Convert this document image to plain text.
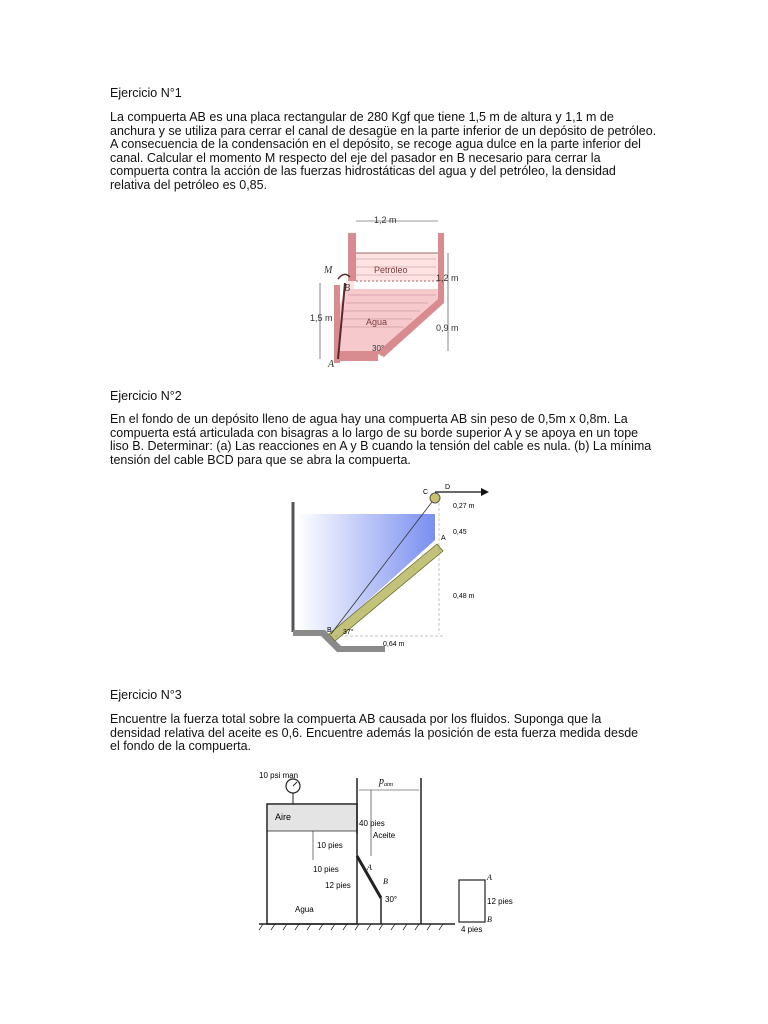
Ejercicio N°1
La compuerta AB es una placa rectangular de 280 Kgf que tiene 1,5 m de altura y 1,1 m de
anchura y se utiliza para cerrar el canal de desagüe en la parte inferior de un depósito de petróleo.
A consecuencia de la condensación en el depósito, se recoge agua dulce en la parte inferior del
canal. Calcular el momento M respecto del eje del pasador en B necesario para cerrar la
compuerta contra la acción de las fuerzas hidrostáticas del agua y del petróleo, la densidad
relativa del petróleo es 0,85.
1,2 m
Petróleo
Agua
1,2 m
0,9 m
1,5 m
30°
M
B
A
Ejercicio N°2
En el fondo de un depósito lleno de agua hay una compuerta AB sin peso de 0,5m x 0,8m. La
compuerta está articulada con bisagras a lo largo de su borde superior A y se apoya en un tope
liso B. Determinar: (a) Las reacciones en A y B cuando la tensión del cable es nula. (b) La mínima
tensión del cable BCD para que se abra la compuerta.
C
D
A
B
0,27 m
0,45
0,48 m
0,64 m
37°
Ejercicio N°3
Encuentre la fuerza total sobre la compuerta AB causada por los fluidos. Suponga que la
densidad relativa del aceite es 0,6. Encuentre además la posición de esta fuerza medida desde
el fondo de la compuerta.
10 psi man
$p_{atm}$
Aire
40 pies
Aceite
10 pies
10 pies
12 pies
30°
Agua
A
B
12 pies
4 pies
A
B
